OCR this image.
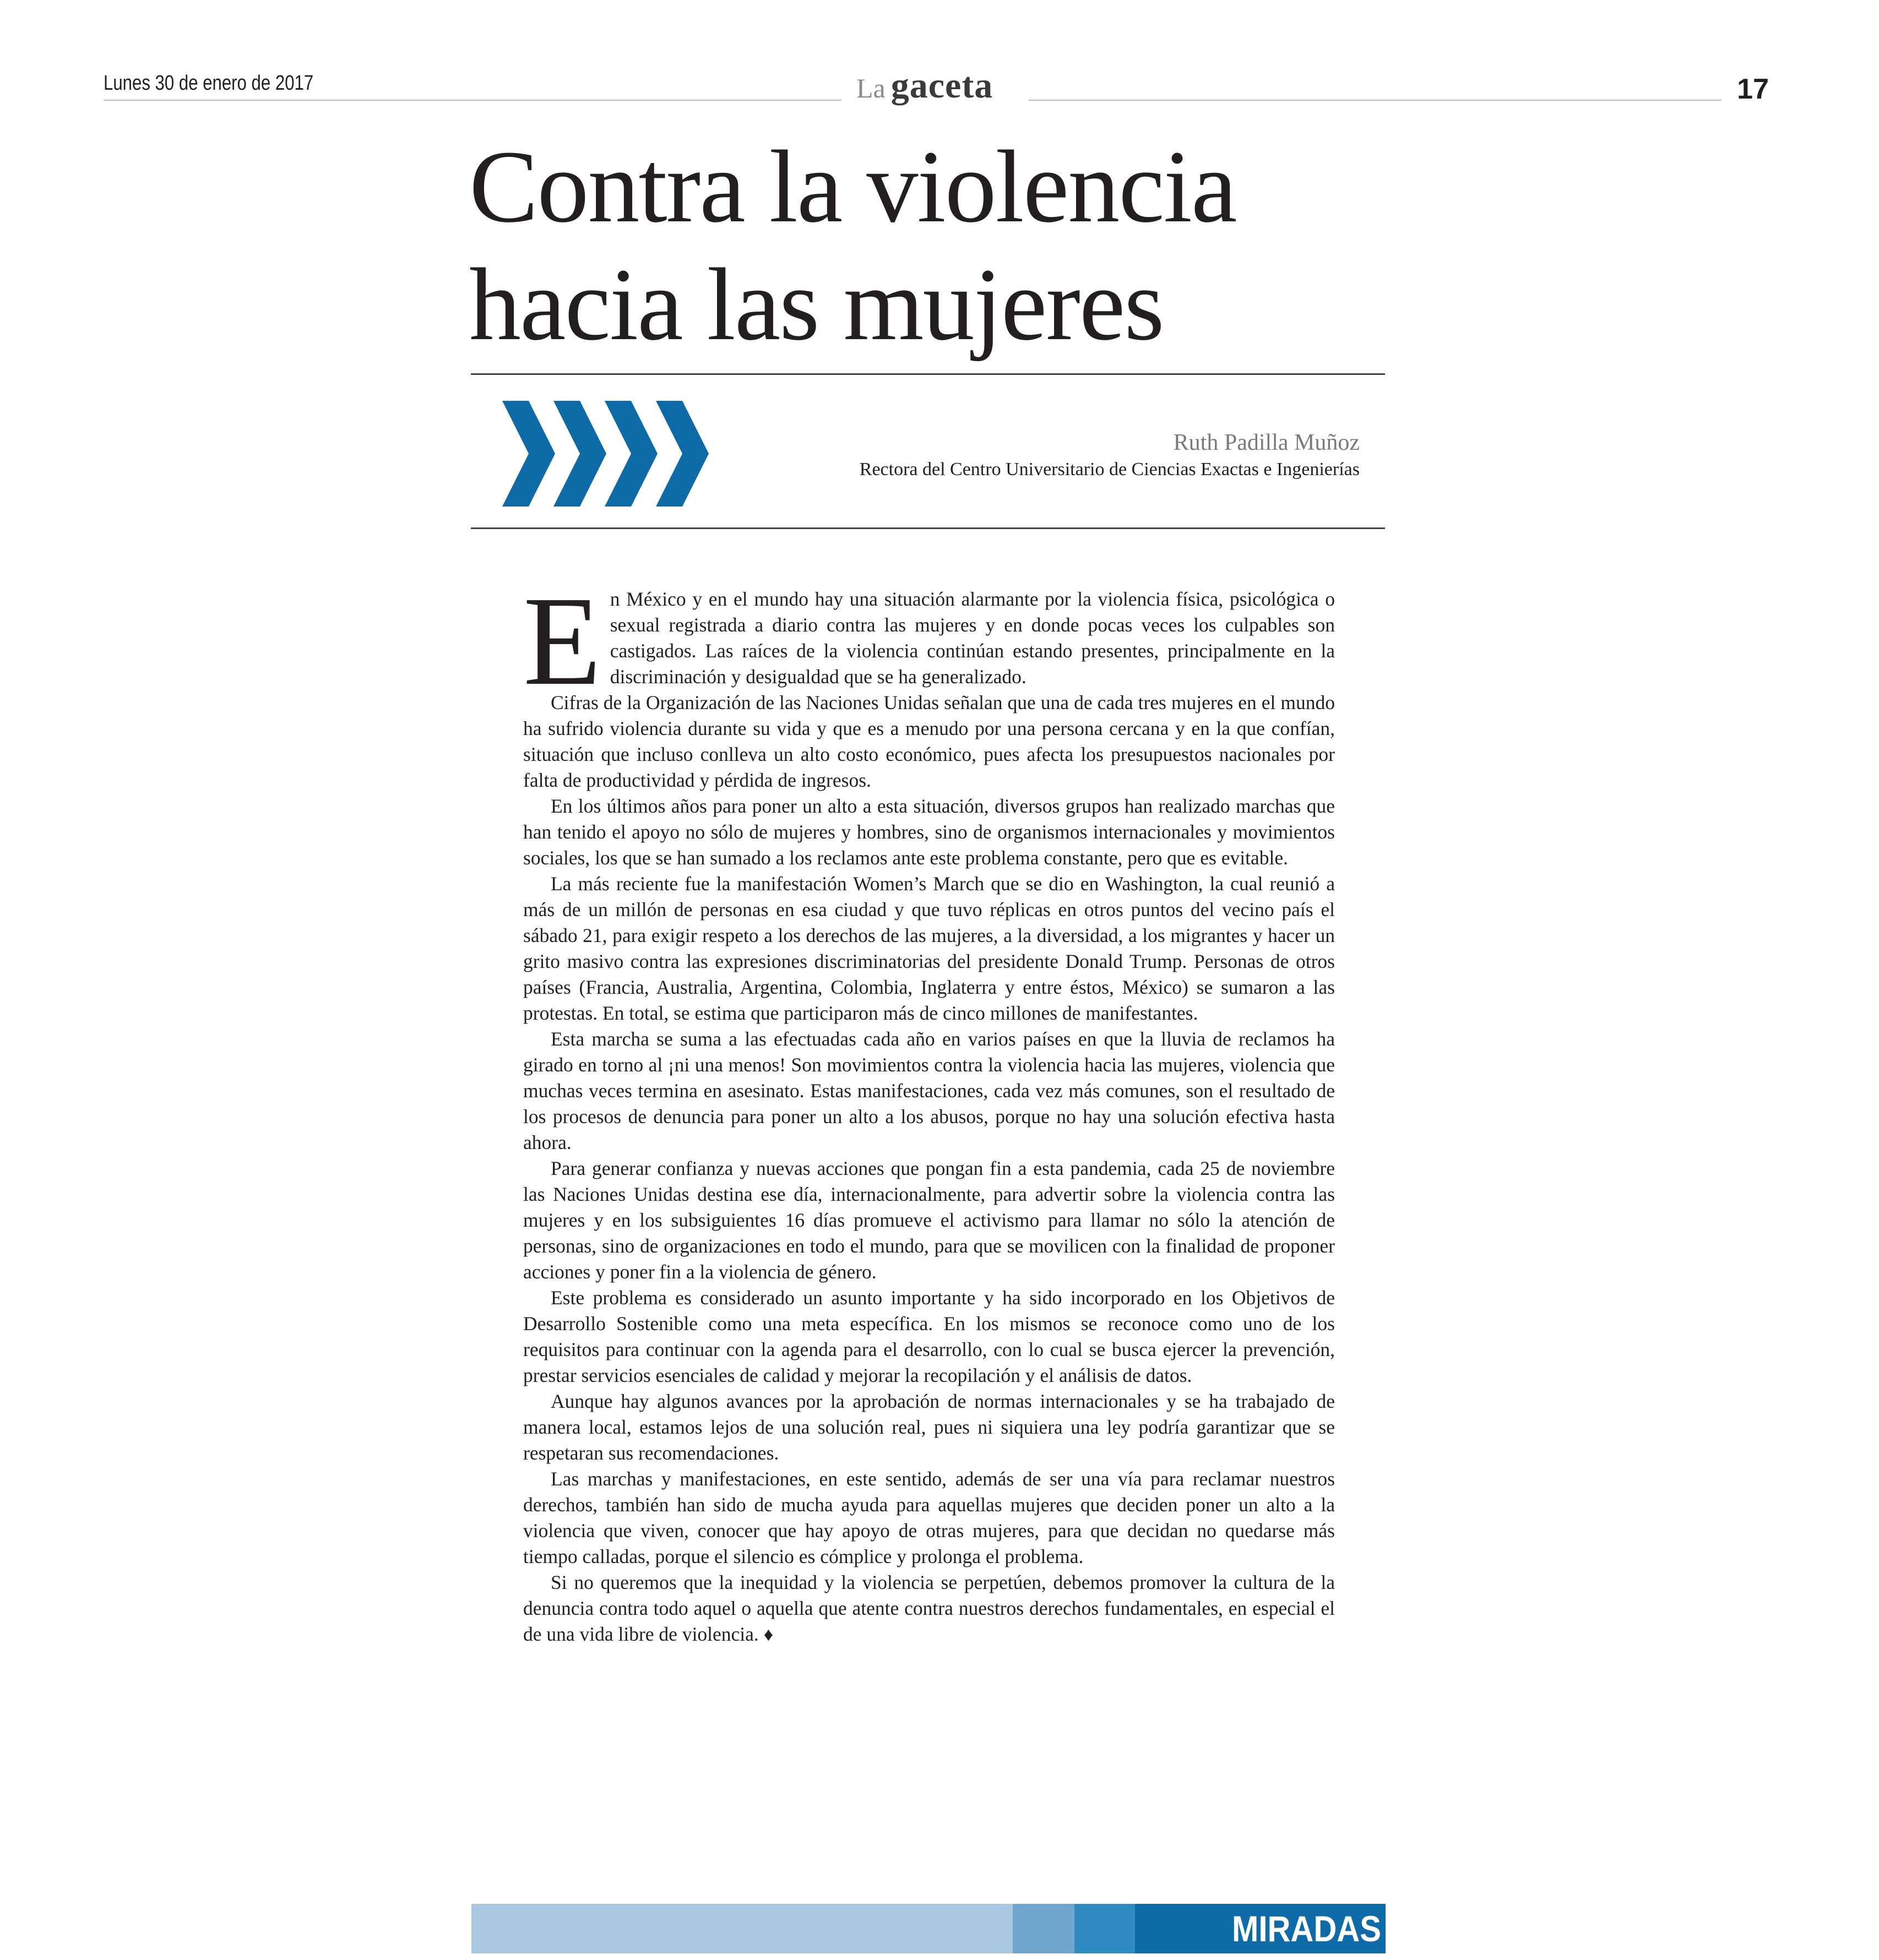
Lunes 30 de enero de 2017	La gaceta	17
Contra la violencia
hacia las mujeres
Ruth Padilla Muñoz
Rectora del Centro Universitario de Ciencias Exactas e Ingenierías

En México y en el mundo hay una situación alarmante por la violencia física, psicológica o sexual registrada a diario contra las mujeres y en donde pocas veces los culpables son castigados. Las raíces de la violencia continúan estando presentes, principalmente en la discriminación y desigualdad que se ha generalizado.

Cifras de la Organización de las Naciones Unidas señalan que una de cada tres mujeres en el mundo ha sufrido violencia durante su vida y que es a menudo por una persona cercana y en la que confían, situación que incluso conlleva un alto costo económico, pues afecta los presupuestos nacionales por falta de productividad y pérdida de ingresos.

En los últimos años para poner un alto a esta situación, diversos grupos han realizado marchas que han tenido el apoyo no sólo de mujeres y hombres, sino de organismos internacionales y movimientos sociales, los que se han sumado a los reclamos ante este problema constante, pero que es evitable.

La más reciente fue la manifestación Women’s March que se dio en Washington, la cual reunió a más de un millón de personas en esa ciudad y que tuvo réplicas en otros puntos del vecino país el sábado 21, para exigir respeto a los derechos de las mujeres, a la diversidad, a los migrantes y hacer un grito masivo contra las expresiones discriminatorias del presidente Donald Trump. Personas de otros países (Francia, Australia, Argentina, Colombia, Inglaterra y entre éstos, México) se sumaron a las protestas. En total, se estima que participaron más de cinco millones de manifestantes.

Esta marcha se suma a las efectuadas cada año en varios países en que la lluvia de reclamos ha girado en torno al ¡ni una menos! Son movimientos contra la violencia hacia las mujeres, violencia que muchas veces termina en asesinato. Estas manifestaciones, cada vez más comunes, son el resultado de los procesos de denuncia para poner un alto a los abusos, porque no hay una solución efectiva hasta ahora.

Para generar confianza y nuevas acciones que pongan fin a esta pandemia, cada 25 de noviembre las Naciones Unidas destina ese día, internacionalmente, para advertir sobre la violencia contra las mujeres y en los subsiguientes 16 días promueve el activismo para llamar no sólo la atención de personas, sino de organizaciones en todo el mundo, para que se movilicen con la finalidad de proponer acciones y poner fin a la violencia de género.

Este problema es considerado un asunto importante y ha sido incorporado en los Objetivos de Desarrollo Sostenible como una meta específica. En los mismos se reconoce como uno de los requisitos para continuar con la agenda para el desarrollo, con lo cual se busca ejercer la prevención, prestar servicios esenciales de calidad y mejorar la recopilación y el análisis de datos.

Aunque hay algunos avances por la aprobación de normas internacionales y se ha trabajado de manera local, estamos lejos de una solución real, pues ni siquiera una ley podría garantizar que se respetaran sus recomendaciones.

Las marchas y manifestaciones, en este sentido, además de ser una vía para reclamar nuestros derechos, también han sido de mucha ayuda para aquellas mujeres que deciden poner un alto a la violencia que viven, conocer que hay apoyo de otras mujeres, para que decidan no quedarse más tiempo calladas, porque el silencio es cómplice y prolonga el problema.

Si no queremos que la inequidad y la violencia se perpetúen, debemos promover la cultura de la denuncia contra todo aquel o aquella que atente contra nuestros derechos fundamentales, en especial el de una vida libre de violencia. ♦

MIRADAS
